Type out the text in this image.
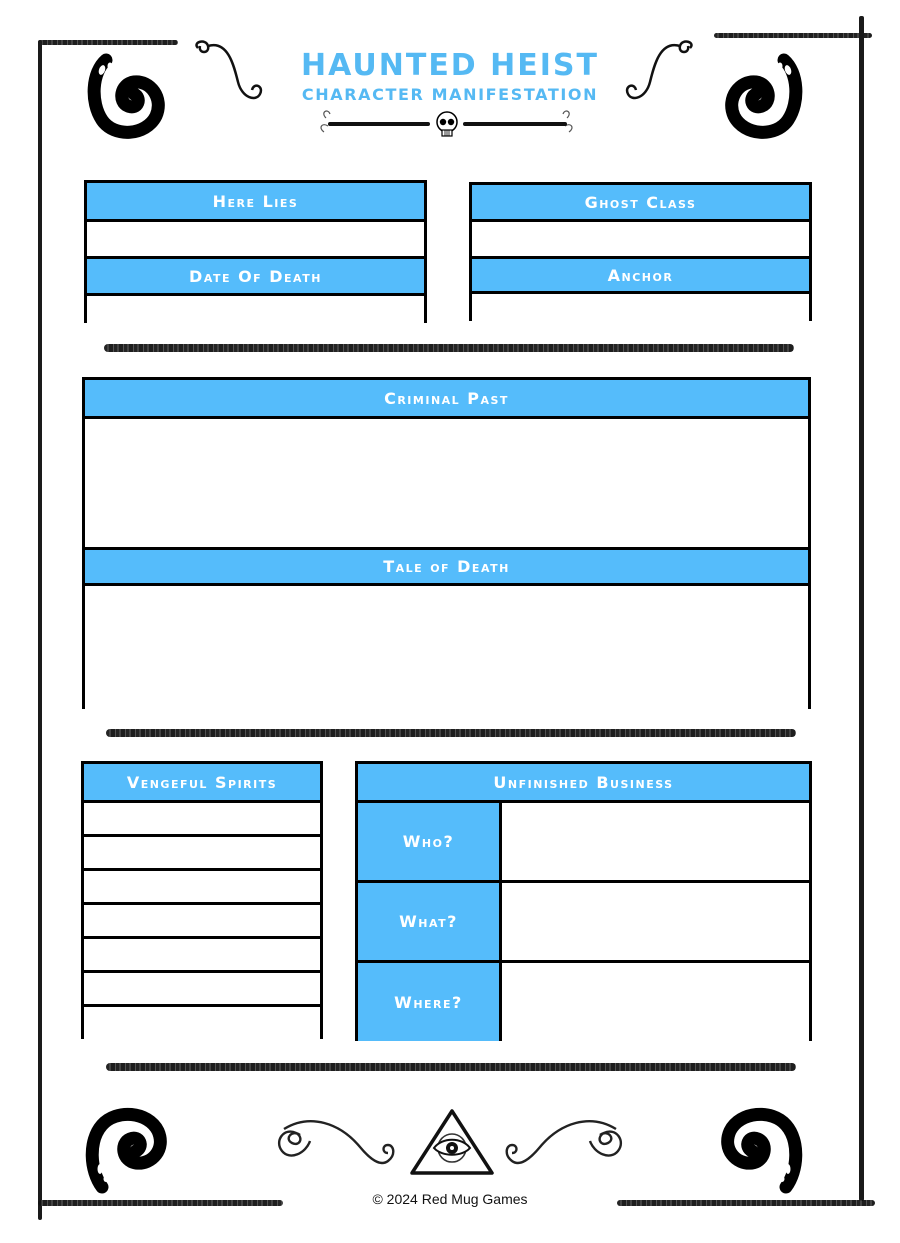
HAUNTED HEIST
CHARACTER MANIFESTATION
Here Lies
Date Of Death
Ghost Class
Anchor
Criminal Past
Tale of Death
Vengeful Spirits	Unfinished Business
Who?
What?
Where?
© 2024 Red Mug Games
